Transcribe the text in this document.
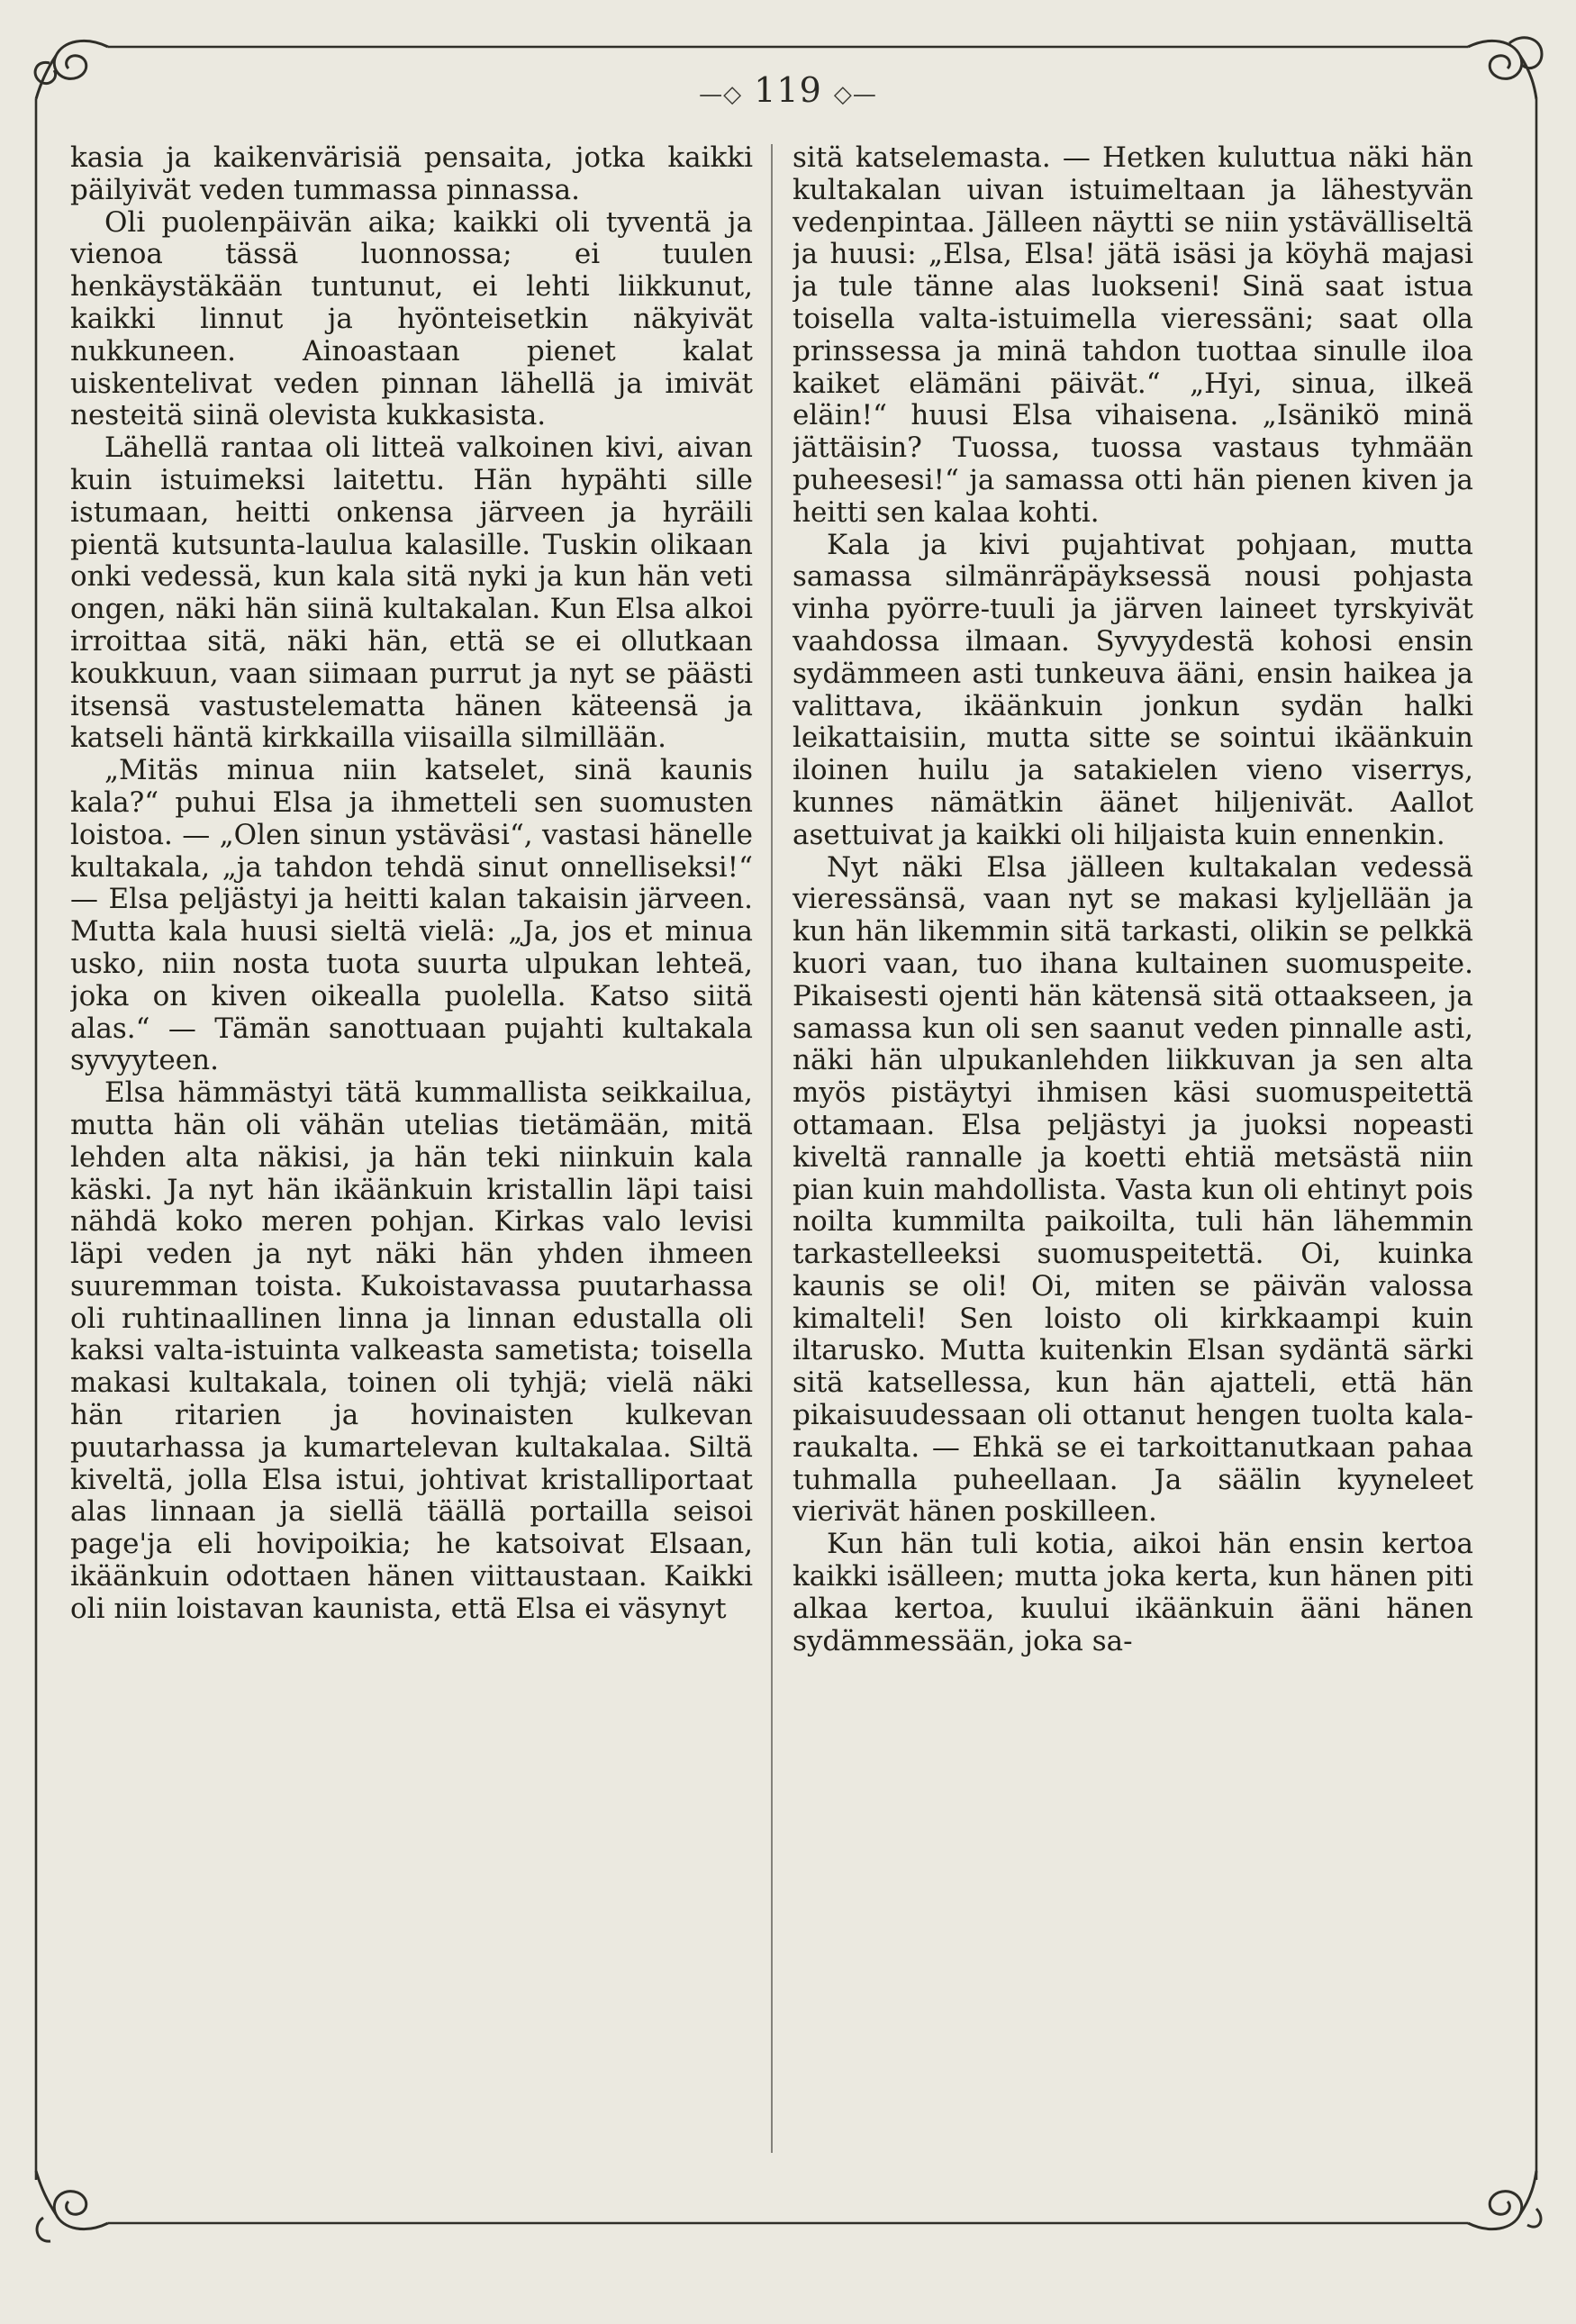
—◇ 119 ◇—

kasia ja kaikenvärisiä pensaita, jotka kaikki päilyivät veden tummassa pinnassa.

Oli puolenpäivän aika; kaikki oli tyventä ja vienoa tässä luonnossa; ei tuulen henkäystäkään tuntunut, ei lehti liikkunut, kaikki linnut ja hyönteisetkin näkyivät nukkuneen. Ainoastaan pienet kalat uiskentelivat veden pinnan lähellä ja imivät nesteitä siinä olevista kukkasista.

Lähellä rantaa oli litteä valkoinen kivi, aivan kuin istuimeksi laitettu. Hän hypähti sille istumaan, heitti onkensa järveen ja hyräili pientä kutsunta-laulua kalasille. Tuskin olikaan onki vedessä, kun kala sitä nyki ja kun hän veti ongen, näki hän siinä kultakalan. Kun Elsa alkoi irroittaa sitä, näki hän, että se ei ollutkaan koukkuun, vaan siimaan purrut ja nyt se päästi itsensä vastustelematta hänen käteensä ja katseli häntä kirkkailla viisailla silmillään.

„Mitäs minua niin katselet, sinä kaunis kala?“ puhui Elsa ja ihmetteli sen suomusten loistoa. — „Olen sinun ystäväsi“, vastasi hänelle kultakala, „ja tahdon tehdä sinut onnelliseksi!“ — Elsa peljästyi ja heitti kalan takaisin järveen. Mutta kala huusi sieltä vielä: „Ja, jos et minua usko, niin nosta tuota suurta ulpukan lehteä, joka on kiven oikealla puolella. Katso siitä alas.“ — Tämän sanottuaan pujahti kultakala syvyyteen.

Elsa hämmästyi tätä kummallista seikkailua, mutta hän oli vähän utelias tietämään, mitä lehden alta näkisi, ja hän teki niinkuin kala käski. Ja nyt hän ikäänkuin kristallin läpi taisi nähdä koko meren pohjan. Kirkas valo levisi läpi veden ja nyt näki hän yhden ihmeen suuremman toista. Kukoistavassa puutarhassa oli ruhtinaallinen linna ja linnan edustalla oli kaksi valta-istuinta valkeasta sametista; toisella makasi kultakala, toinen oli tyhjä; vielä näki hän ritarien ja hovinaisten kulkevan puutarhassa ja kumartelevan kultakalaa. Siltä kiveltä, jolla Elsa istui, johtivat kristalliportaat alas linnaan ja siellä täällä portailla seisoi page'ja eli hovipoikia; he katsoivat Elsaan, ikäänkuin odottaen hänen viittaustaan. Kaikki oli niin loistavan kaunista, että Elsa ei väsynyt

sitä katselemasta. — Hetken kuluttua näki hän kultakalan uivan istuimeltaan ja lähestyvän vedenpintaa. Jälleen näytti se niin ystävälliseltä ja huusi: „Elsa, Elsa! jätä isäsi ja köyhä majasi ja tule tänne alas luokseni! Sinä saat istua toisella valta-istuimella vieressäni; saat olla prinssessa ja minä tahdon tuottaa sinulle iloa kaiket elämäni päivät.“ „Hyi, sinua, ilkeä eläin!“ huusi Elsa vihaisena. „Isänikö minä jättäisin? Tuossa, tuossa vastaus tyhmään puheesesi!“ ja samassa otti hän pienen kiven ja heitti sen kalaa kohti.

Kala ja kivi pujahtivat pohjaan, mutta samassa silmänräpäyksessä nousi pohjasta vinha pyörre-tuuli ja järven laineet tyrskyivät vaahdossa ilmaan. Syvyydestä kohosi ensin sydämmeen asti tunkeuva ääni, ensin haikea ja valittava, ikäänkuin jonkun sydän halki leikattaisiin, mutta sitte se sointui ikäänkuin iloinen huilu ja satakielen vieno viserrys, kunnes nämätkin äänet hiljenivät. Aallot asettuivat ja kaikki oli hiljaista kuin ennenkin.

Nyt näki Elsa jälleen kultakalan vedessä vieressänsä, vaan nyt se makasi kyljellään ja kun hän likemmin sitä tarkasti, olikin se pelkkä kuori vaan, tuo ihana kultainen suomuspeite. Pikaisesti ojenti hän kätensä sitä ottaakseen, ja samassa kun oli sen saanut veden pinnalle asti, näki hän ulpukanlehden liikkuvan ja sen alta myös pistäytyi ihmisen käsi suomuspeitettä ottamaan. Elsa peljästyi ja juoksi nopeasti kiveltä rannalle ja koetti ehtiä metsästä niin pian kuin mahdollista. Vasta kun oli ehtinyt pois noilta kummilta paikoilta, tuli hän lähemmin tarkastelleeksi suomuspeitettä. Oi, kuinka kaunis se oli! Oi, miten se päivän valossa kimalteli! Sen loisto oli kirkkaampi kuin iltarusko. Mutta kuitenkin Elsan sydäntä särki sitä katsellessa, kun hän ajatteli, että hän pikaisuudessaan oli ottanut hengen tuolta kala-raukalta. — Ehkä se ei tarkoittanutkaan pahaa tuhmalla puheellaan. Ja säälin kyyneleet vierivät hänen poskilleen.

Kun hän tuli kotia, aikoi hän ensin kertoa kaikki isälleen; mutta joka kerta, kun hänen piti alkaa kertoa, kuului ikäänkuin ääni hänen sydämmessään, joka sa-
